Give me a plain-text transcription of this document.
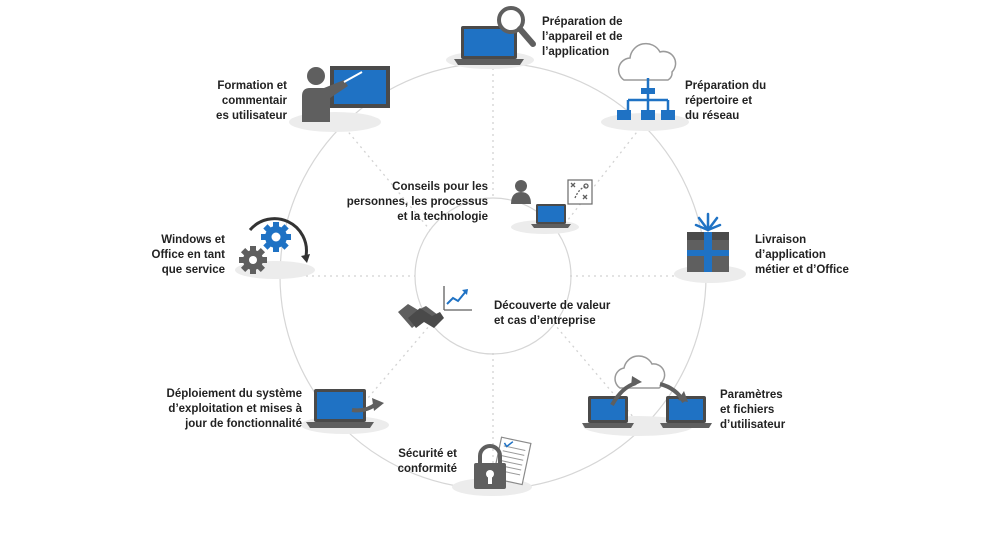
Préparation de
l’appareil et de
l’application
Préparation du
répertoire et
du réseau
Livraison
d’application
métier et d’Office
Paramètres
et fichiers
d’utilisateur
Sécurité et
conformité
Déploiement du système
d’exploitation et mises à
jour de fonctionnalité
Windows et
Office en tant
que service
Formation et
commentair
es utilisateur
Conseils pour les
personnes, les processus
et la technologie
Découverte de valeur
et cas d’entreprise
